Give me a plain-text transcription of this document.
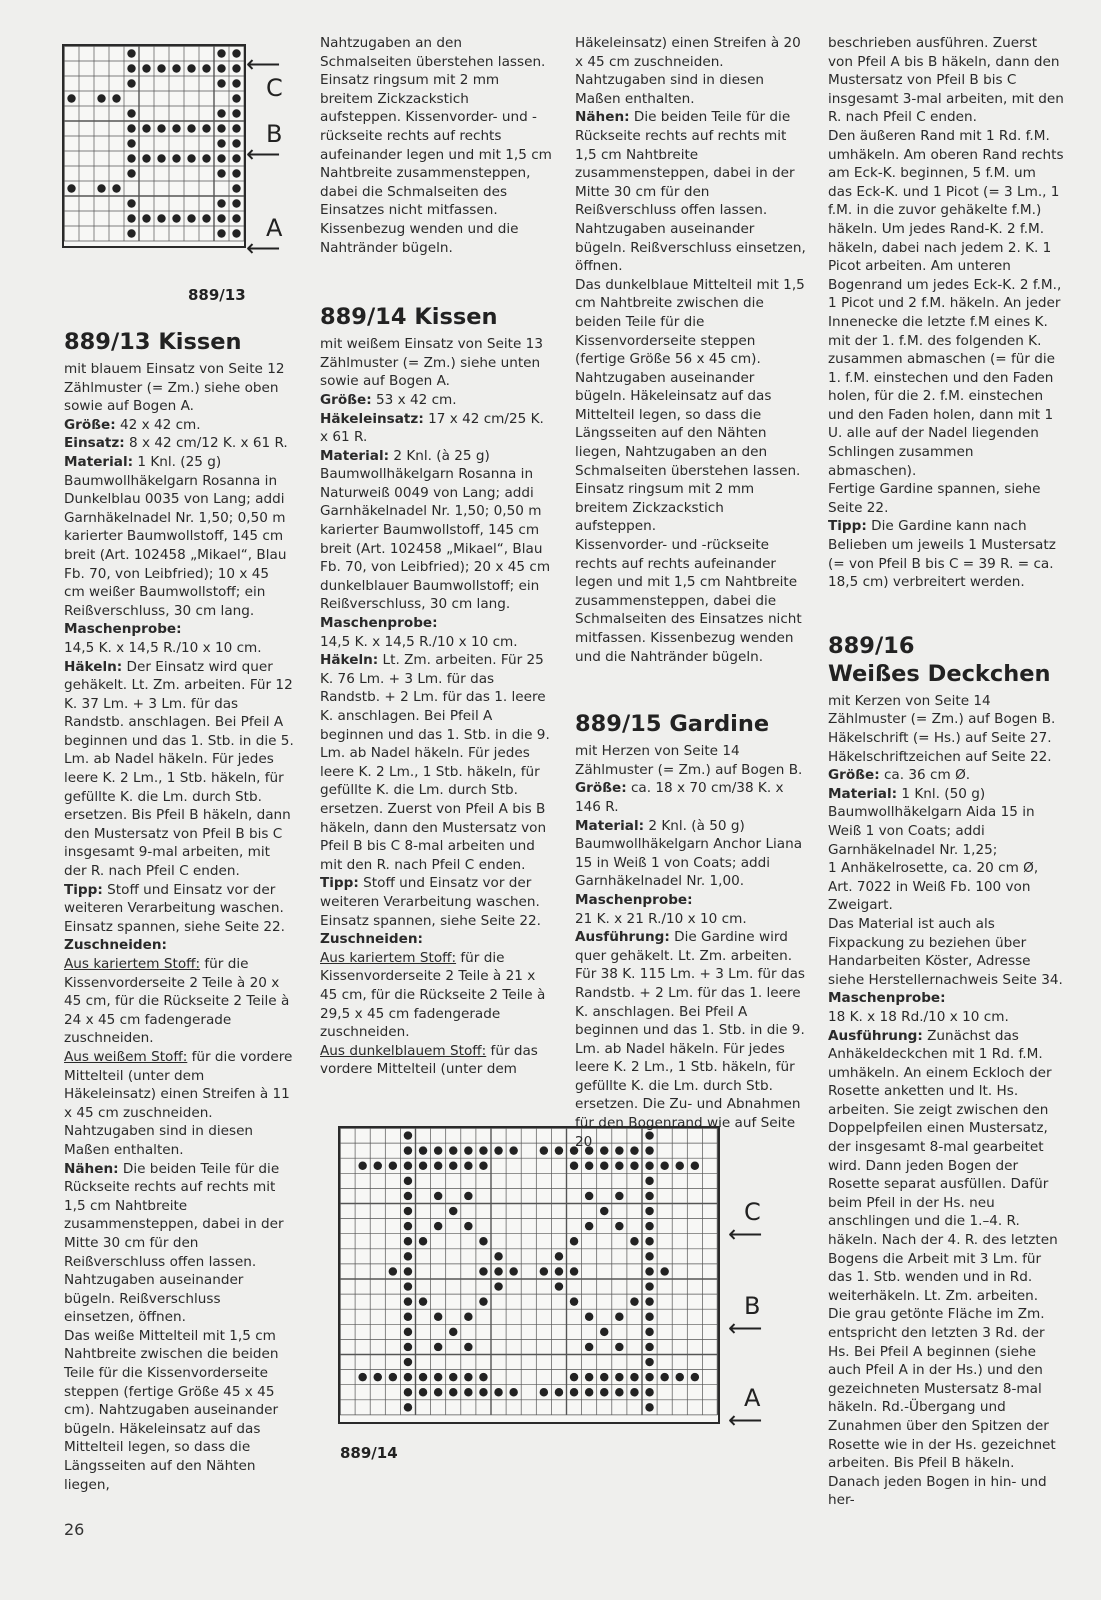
⟵
C
B
⟵
A
⟵
889/13
C
⟵
B
⟵
A
⟵
889/14
889/13 Kissen

mit blauem Einsatz von Seite 12

Zählmuster (= Zm.) siehe oben sowie auf Bogen A.

Größe: 42 x 42 cm.

Einsatz: 8 x 42 cm/12 K. x 61 R.

Material: 1 Knl. (25 g) Baumwollhäkelgarn Rosanna in Dunkelblau 0035 von Lang; addi Garnhäkelnadel Nr. 1,50; 0,50 m karierter Baumwollstoff, 145 cm breit (Art. 102458 „Mikael“, Blau Fb. 70, von Leibfried); 10 x 45 cm weißer Baumwollstoff; ein Reißverschluss, 30 cm lang.

Maschenprobe:

14,5 K. x 14,5 R./10 x 10 cm.

Häkeln: Der Einsatz wird quer gehäkelt. Lt. Zm. arbeiten. Für 12 K. 37 Lm. + 3 Lm. für das Randstb. anschlagen. Bei Pfeil A beginnen und das 1. Stb. in die 5. Lm. ab Nadel häkeln. Für jedes leere K. 2 Lm., 1 Stb. häkeln, für gefüllte K. die Lm. durch Stb. ersetzen. Bis Pfeil B häkeln, dann den Mustersatz von Pfeil B bis C insgesamt 9-mal arbeiten, mit der R. nach Pfeil C enden.

Tipp: Stoff und Einsatz vor der weiteren Verarbeitung waschen. Einsatz spannen, siehe Seite 22.

Zuschneiden:

Aus kariertem Stoff: für die Kissenvorderseite 2 Teile à 20 x 45 cm, für die Rückseite 2 Teile à 24 x 45 cm fadengerade zuschneiden.

Aus weißem Stoff: für die vordere Mittelteil (unter dem Häkeleinsatz) einen Streifen à 11 x 45 cm zuschneiden.

Nahtzugaben sind in diesen Maßen enthalten.

Nähen: Die beiden Teile für die Rückseite rechts auf rechts mit 1,5 cm Nahtbreite zusammensteppen, dabei in der Mitte 30 cm für den Reißverschluss offen lassen. Nahtzugaben auseinander bügeln. Reißverschluss einsetzen, öffnen.

Das weiße Mittelteil mit 1,5 cm Nahtbreite zwischen die beiden Teile für die Kissenvorderseite steppen (fertige Größe 45 x 45 cm). Nahtzugaben auseinander bügeln. Häkeleinsatz auf das Mittelteil legen, so dass die Längsseiten auf den Nähten liegen,

Nahtzugaben an den Schmalseiten überstehen lassen. Einsatz ringsum mit 2 mm breitem Zickzackstich aufsteppen. Kissenvorder- und -rückseite rechts auf rechts aufeinander legen und mit 1,5 cm Nahtbreite zusammensteppen, dabei die Schmalseiten des Einsatzes nicht mitfassen. Kissenbezug wenden und die Nahtränder bügeln.

889/14 Kissen

mit weißem Einsatz von Seite 13

Zählmuster (= Zm.) siehe unten sowie auf Bogen A.

Größe: 53 x 42 cm.

Häkeleinsatz: 17 x 42 cm/25 K. x 61 R.

Material: 2 Knl. (à 25 g) Baumwollhäkelgarn Rosanna in Naturweiß 0049 von Lang; addi Garnhäkelnadel Nr. 1,50; 0,50 m karierter Baumwollstoff, 145 cm breit (Art. 102458 „Mikael“, Blau Fb. 70, von Leibfried); 20 x 45 cm dunkelblauer Baumwollstoff; ein Reißverschluss, 30 cm lang.

Maschenprobe:

14,5 K. x 14,5 R./10 x 10 cm.

Häkeln: Lt. Zm. arbeiten. Für 25 K. 76 Lm. + 3 Lm. für das Randstb. + 2 Lm. für das 1. leere K. anschlagen. Bei Pfeil A beginnen und das 1. Stb. in die 9. Lm. ab Nadel häkeln. Für jedes leere K. 2 Lm., 1 Stb. häkeln, für gefüllte K. die Lm. durch Stb. ersetzen. Zuerst von Pfeil A bis B häkeln, dann den Mustersatz von Pfeil B bis C 8-mal arbeiten und mit den R. nach Pfeil C enden.

Tipp: Stoff und Einsatz vor der weiteren Verarbeitung waschen. Einsatz spannen, siehe Seite 22.

Zuschneiden:

Aus kariertem Stoff: für die Kissenvorderseite 2 Teile à 21 x 45 cm, für die Rückseite 2 Teile à 29,5 x 45 cm fadengerade zuschneiden.

Aus dunkelblauem Stoff: für das vordere Mittelteil (unter dem

Häkeleinsatz) einen Streifen à 20 x 45 cm zuschneiden.

Nahtzugaben sind in diesen Maßen enthalten.

Nähen: Die beiden Teile für die Rückseite rechts auf rechts mit 1,5 cm Nahtbreite zusammensteppen, dabei in der Mitte 30 cm für den Reißverschluss offen lassen. Nahtzugaben auseinander bügeln. Reißverschluss einsetzen, öffnen.

Das dunkelblaue Mittelteil mit 1,5 cm Nahtbreite zwischen die beiden Teile für die Kissenvorderseite steppen (fertige Größe 56 x 45 cm). Nahtzugaben auseinander bügeln. Häkeleinsatz auf das Mittelteil legen, so dass die Längsseiten auf den Nähten liegen, Nahtzugaben an den Schmalseiten überstehen lassen. Einsatz ringsum mit 2 mm breitem Zickzackstich aufsteppen.

Kissenvorder- und -rückseite rechts auf rechts aufeinander legen und mit 1,5 cm Nahtbreite zusammensteppen, dabei die Schmalseiten des Einsatzes nicht mitfassen. Kissenbezug wenden und die Nahtränder bügeln.

889/15 Gardine

mit Herzen von Seite 14

Zählmuster (= Zm.) auf Bogen B.

Größe: ca. 18 x 70 cm/38 K. x 146 R.

Material: 2 Knl. (à 50 g) Baumwollhäkelgarn Anchor Liana 15 in Weiß 1 von Coats; addi Garnhäkelnadel Nr. 1,00.

Maschenprobe:

21 K. x 21 R./10 x 10 cm.

Ausführung: Die Gardine wird quer gehäkelt. Lt. Zm. arbeiten. Für 38 K. 115 Lm. + 3 Lm. für das Randstb. + 2 Lm. für das 1. leere K. anschlagen. Bei Pfeil A beginnen und das 1. Stb. in die 9. Lm. ab Nadel häkeln. Für jedes leere K. 2 Lm., 1 Stb. häkeln, für gefüllte K. die Lm. durch Stb. ersetzen. Die Zu- und Abnahmen für den Bogenrand wie auf Seite 20

beschrieben ausführen. Zuerst von Pfeil A bis B häkeln, dann den Mustersatz von Pfeil B bis C insgesamt 3-mal arbeiten, mit den R. nach Pfeil C enden.

Den äußeren Rand mit 1 Rd. f.M. umhäkeln. Am oberen Rand rechts am Eck-K. beginnen, 5 f.M. um das Eck-K. und 1 Picot (= 3 Lm., 1 f.M. in die zuvor gehäkelte f.M.) häkeln. Um jedes Rand-K. 2 f.M. häkeln, dabei nach jedem 2. K. 1 Picot arbeiten. Am unteren Bogenrand um jedes Eck-K. 2 f.M., 1 Picot und 2 f.M. häkeln. An jeder Innenecke die letzte f.M eines K. mit der 1. f.M. des folgenden K. zusammen abmaschen (= für die 1. f.M. einstechen und den Faden holen, für die 2. f.M. einstechen und den Faden holen, dann mit 1 U. alle auf der Nadel liegenden Schlingen zusammen abmaschen).

Fertige Gardine spannen, siehe Seite 22.

Tipp: Die Gardine kann nach Belieben um jeweils 1 Mustersatz (= von Pfeil B bis C = 39 R. = ca. 18,5 cm) verbreitert werden.

889/16
Weißes Deckchen

mit Kerzen von Seite 14

Zählmuster (= Zm.) auf Bogen B. Häkelschrift (= Hs.) auf Seite 27. Häkelschriftzeichen auf Seite 22.

Größe: ca. 36 cm Ø.

Material: 1 Knl. (50 g) Baumwollhäkelgarn Aida 15 in Weiß 1 von Coats; addi Garnhäkelnadel Nr. 1,25;

1 Anhäkelrosette, ca. 20 cm Ø, Art. 7022 in Weiß Fb. 100 von Zweigart.

Das Material ist auch als Fixpackung zu beziehen über Handarbeiten Köster, Adresse siehe Herstellernachweis Seite 34.

Maschenprobe:

18 K. x 18 Rd./10 x 10 cm.

Ausführung: Zunächst das Anhäkeldeckchen mit 1 Rd. f.M. umhäkeln. An einem Eckloch der Rosette anketten und lt. Hs. arbeiten. Sie zeigt zwischen den Doppelpfeilen einen Mustersatz, der insgesamt 8-mal gearbeitet wird. Dann jeden Bogen der Rosette separat ausfüllen. Dafür beim Pfeil in der Hs. neu anschlingen und die 1.–4. R. häkeln. Nach der 4. R. des letzten Bogens die Arbeit mit 3 Lm. für das 1. Stb. wenden und in Rd. weiterhäkeln. Lt. Zm. arbeiten. Die grau getönte Fläche im Zm. entspricht den letzten 3 Rd. der Hs. Bei Pfeil A beginnen (siehe auch Pfeil A in der Hs.) und den gezeichneten Mustersatz 8-mal häkeln. Rd.-Übergang und Zunahmen über den Spitzen der Rosette wie in der Hs. gezeichnet arbeiten. Bis Pfeil B häkeln. Danach jeden Bogen in hin- und her-

26
